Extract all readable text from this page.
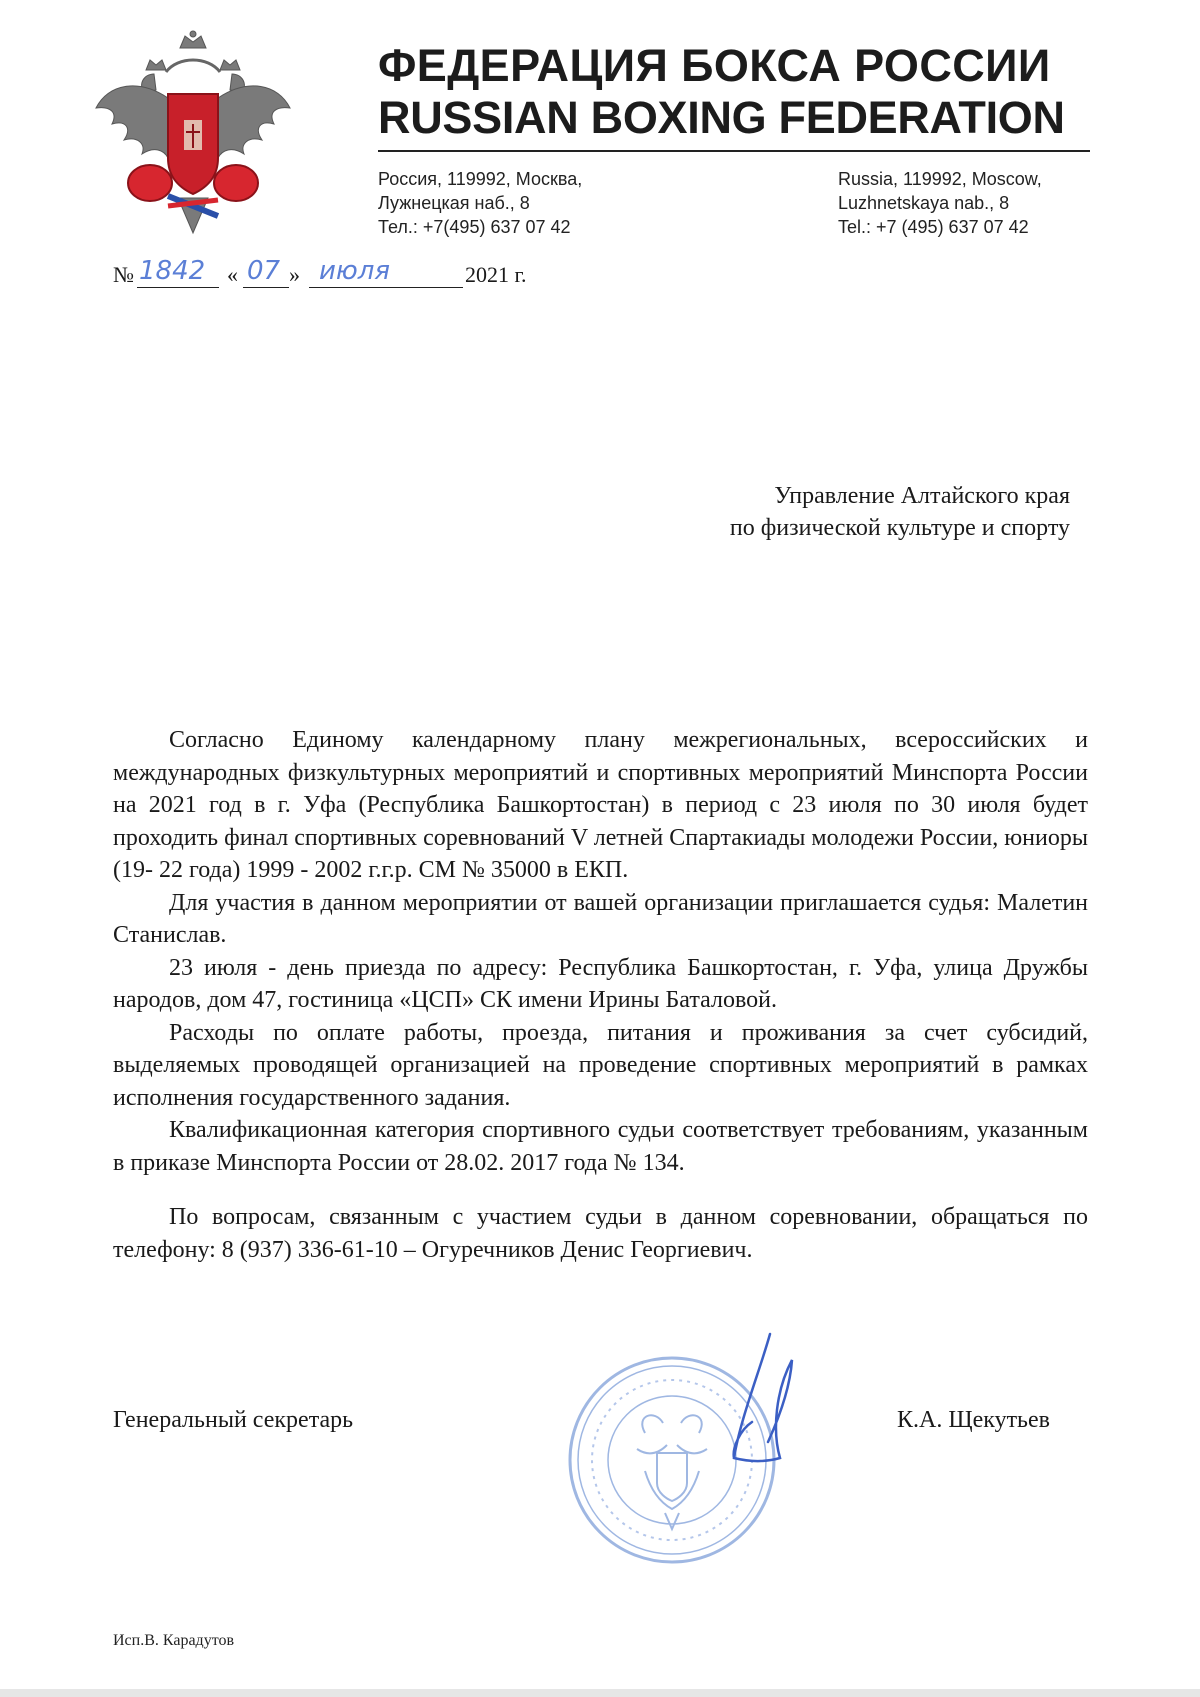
ФЕДЕРАЦИЯ БОКСА РОССИИ
RUSSIAN BOXING FEDERATION
Россия, 119992, Москва,
Лужнецкая наб., 8
Тел.: +7(495) 637 07 42
Russia, 119992, Moscow,
Luzhnetskaya nab., 8
Tel.: +7 (495) 637 07 42
№ 1842 « 07 » июля	2021 г.
Управление Алтайского края
по физической культуре и спорту

Согласно Единому календарному плану межрегиональных, всероссийских и международных физкультурных мероприятий и спортивных мероприятий Минспорта России на 2021 год в г. Уфа (Республика Башкортостан) в период с 23 июля по 30 июля будет проходить финал спортивных соревнований V летней Спартакиады молодежи России, юниоры (19- 22 года) 1999 - 2002 г.г.р. СМ № 35000 в ЕКП.

Для участия в данном мероприятии от вашей организации приглашается судья: Малетин Станислав.

23 июля - день приезда по адресу: Республика Башкортостан, г. Уфа, улица Дружбы народов, дом 47, гостиница «ЦСП» СК имени Ирины Баталовой.

Расходы по оплате работы, проезда, питания и проживания за счет субсидий, выделяемых проводящей организацией на проведение спортивных мероприятий в рамках исполнения государственного задания.

Квалификационная категория спортивного судьи соответствует требованиям, указанным в приказе Минспорта России от 28.02. 2017 года № 134.

По вопросам, связанным с участием судьи в данном соревновании, обращаться по телефону: 8 (937) 336-61-10 – Огуречников Денис Георгиевич.

Генеральный секретарь	К.А. Щекутьев
Исп.В. Карадутов
